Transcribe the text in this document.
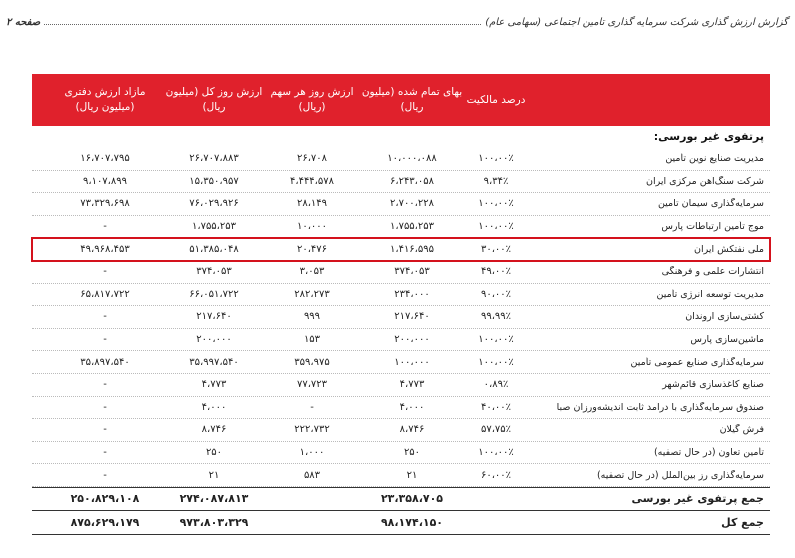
گزارش ارزش گذاری شرکت سرمایه گذاری تامین اجتماعی (سهامی عام)
صفحه ۲
درصد مالکیت
بهای تمام شده (میلیون ریال)
ارزش روز هر سهم (ریال)
ارزش روز کل (میلیون ریال)
مازاد ارزش دفتری (میلیون ریال)
پرتفوی غیر بورسی:
مدیریت صنایع نوین تأمین
۱۰۰،۰۰٪
۱۰،۰۰۰،۰۸۸
۲۶،۷۰۸
۲۶،۷۰۷،۸۸۳
۱۶،۷۰۷،۷۹۵
شرکت سنگ‌آهن مرکزی ایران
۹،۳۴٪
۶،۲۴۳،۰۵۸
۴،۴۴۴،۵۷۸
۱۵،۳۵۰،۹۵۷
۹،۱۰۷،۸۹۹
سرمایه‌گذاری سیمان تامین
۱۰۰،۰۰٪
۲،۷۰۰،۲۲۸
۲۸،۱۴۹
۷۶،۰۲۹،۹۲۶
۷۳،۳۲۹،۶۹۸
موج تأمین ارتباطات پارس
۱۰۰،۰۰٪
۱،۷۵۵،۲۵۳
۱۰،۰۰۰
۱،۷۵۵،۲۵۳
-
ملی نفتکش ایران
۳۰،۰۰٪
۱،۴۱۶،۵۹۵
۲۰،۴۷۶
۵۱،۳۸۵،۰۴۸
۴۹،۹۶۸،۴۵۳
انتشارات علمی و فرهنگی
۴۹،۰۰٪
۳۷۴،۰۵۳
۳،۰۵۳
۳۷۴،۰۵۳
-
مدیریت توسعه انرژی تأمین
۹۰،۰۰٪
۲۳۴،۰۰۰
۲۸۲،۲۷۳
۶۶،۰۵۱،۷۲۲
۶۵،۸۱۷،۷۲۲
کشتی‌سازی اروندان
۹۹،۹۹٪
۲۱۷،۶۴۰
۹۹۹
۲۱۷،۶۴۰
-
ماشین‌سازی پارس
۱۰۰،۰۰٪
۲۰۰،۰۰۰
۱۵۳
۲۰۰،۰۰۰
-
سرمایه‌گذاری صنایع عمومی تأمین
۱۰۰،۰۰٪
۱۰۰،۰۰۰
۳۵۹،۹۷۵
۳۵،۹۹۷،۵۴۰
۳۵،۸۹۷،۵۴۰
صنایع کاغذسازی قائم‌شهر
۰،۸۹٪
۴،۷۷۳
۷۷،۷۲۳
۴،۷۷۳
-
صندوق سرمایه‌گذاری با درآمد ثابت اندیشه‌ورزان صبا
۴۰،۰۰٪
۴،۰۰۰
-
۴،۰۰۰
-
فرش گیلان
۵۷،۷۵٪
۸،۷۴۶
۲۲۲،۷۳۲
۸،۷۴۶
-
تأمین تعاون (در حال تصفیه)
۱۰۰،۰۰٪
۲۵۰
۱،۰۰۰
۲۵۰
-
سرمایه‌گذاری رز بین‌الملل (در حال تصفیه)
۶۰،۰۰٪
۲۱
۵۸۳
۲۱
-
جمع پرتفوی غیر بورسی
۲۳،۳۵۸،۷۰۵
۲۷۴،۰۸۷،۸۱۳
۲۵۰،۸۲۹،۱۰۸
جمع کل
۹۸،۱۷۴،۱۵۰
۹۷۳،۸۰۳،۳۲۹
۸۷۵،۶۲۹،۱۷۹
